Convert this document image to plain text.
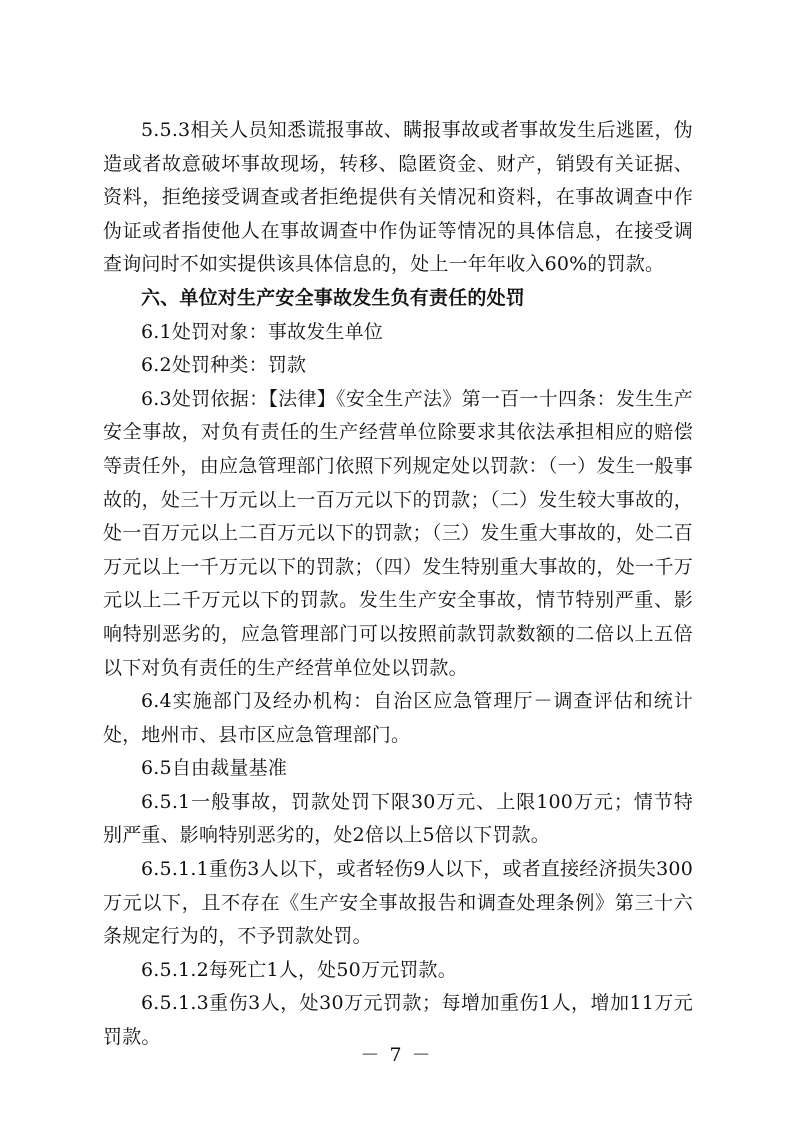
5.5.3相关人员知悉谎报事故、瞒报事故或者事故发生后逃匿，伪造或者故意破坏事故现场，转移、隐匿资金、财产，销毁有关证据、资料，拒绝接受调查或者拒绝提供有关情况和资料，在事故调查中作伪证或者指使他人在事故调查中作伪证等情况的具体信息，在接受调查询问时不如实提供该具体信息的，处上一年年收入60%的罚款。

六、单位对生产安全事故发生负有责任的处罚

6.1处罚对象：事故发生单位

6.2处罚种类：罚款

6.3处罚依据：【法律】《安全生产法》第一百一十四条：发生生产安全事故，对负有责任的生产经营单位除要求其依法承担相应的赔偿等责任外，由应急管理部门依照下列规定处以罚款：（一）发生一般事故的，处三十万元以上一百万元以下的罚款；（二）发生较大事故的，处一百万元以上二百万元以下的罚款；（三）发生重大事故的，处二百万元以上一千万元以下的罚款；（四）发生特别重大事故的，处一千万元以上二千万元以下的罚款。发生生产安全事故，情节特别严重、影响特别恶劣的，应急管理部门可以按照前款罚款数额的二倍以上五倍以下对负有责任的生产经营单位处以罚款。

6.4实施部门及经办机构：自治区应急管理厅－调查评估和统计处，地州市、县市区应急管理部门。

6.5自由裁量基准

6.5.1一般事故，罚款处罚下限30万元、上限100万元；情节特别严重、影响特别恶劣的，处2倍以上5倍以下罚款。

6.5.1.1重伤3人以下，或者轻伤9人以下，或者直接经济损失300万元以下，且不存在《生产安全事故报告和调查处理条例》第三十六条规定行为的，不予罚款处罚。

6.5.1.2每死亡1人，处50万元罚款。

6.5.1.3重伤3人，处30万元罚款；每增加重伤1人，增加11万元罚款。

－ 7 －
